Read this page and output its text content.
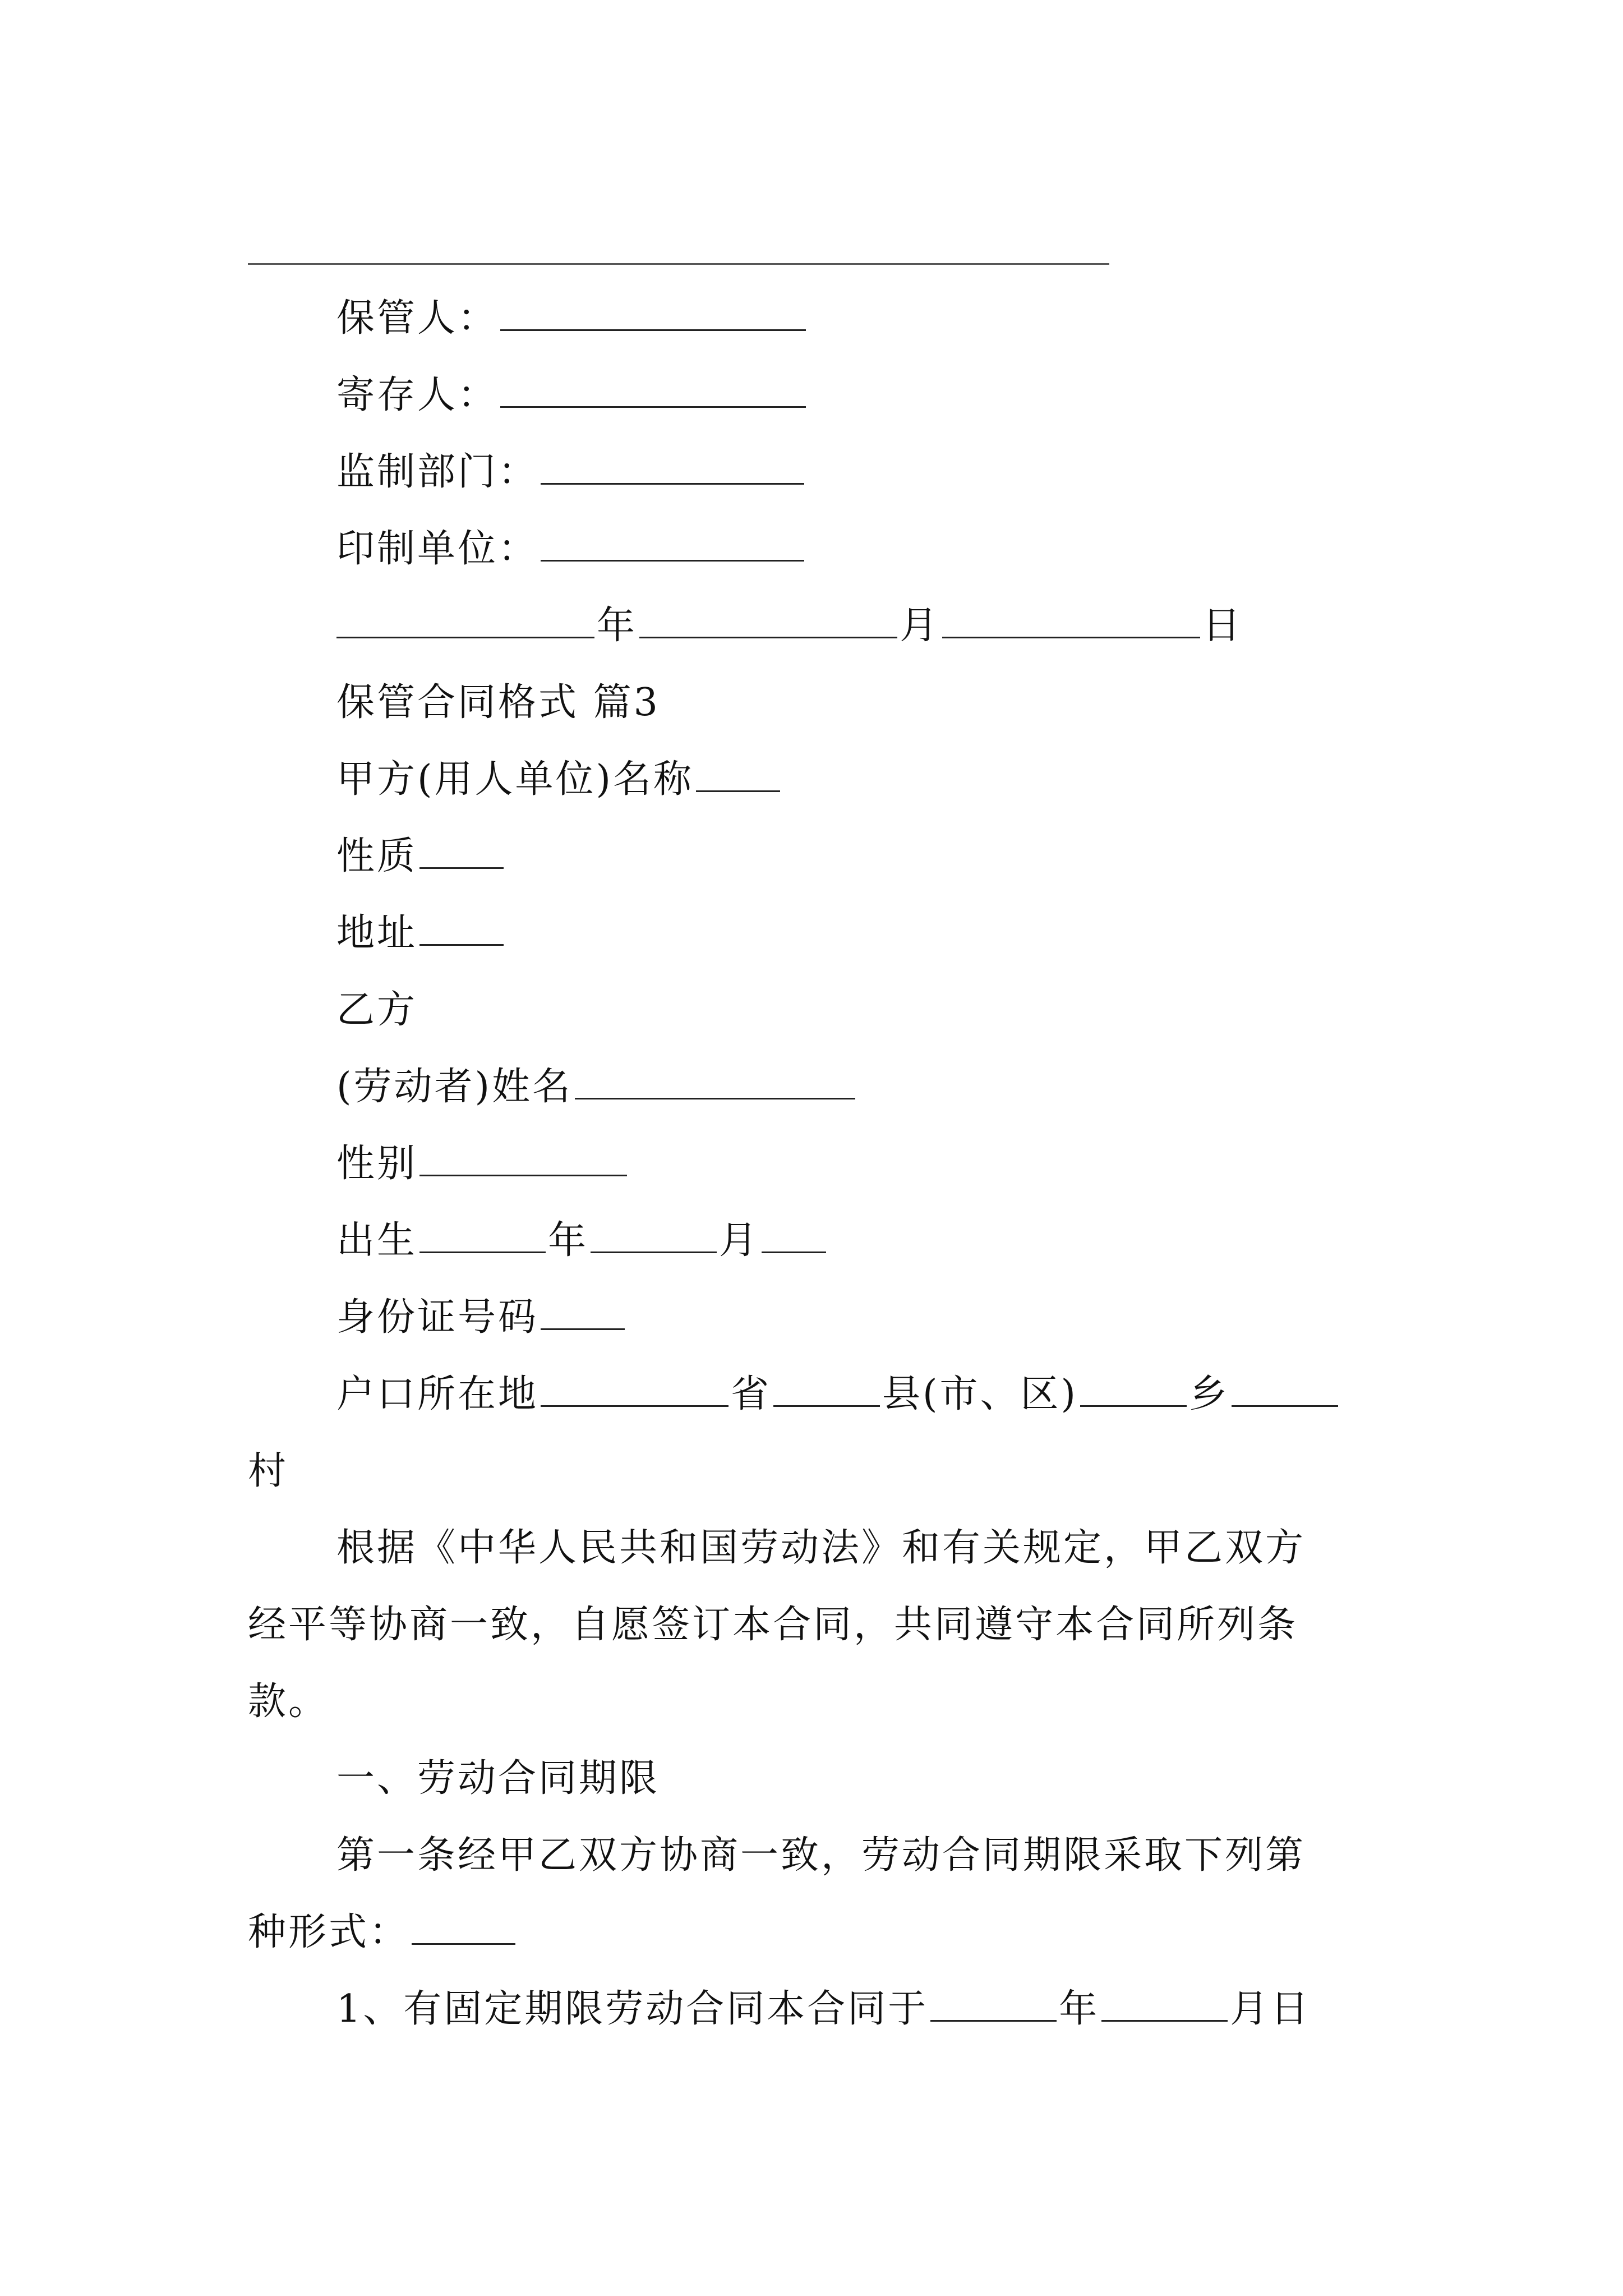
保管人：
寄存人：
监制部门：
印制单位：
年	月	日
保管合同格式 篇3
甲方(用人单位)名称
性质
地址
乙方
(劳动者)姓名
性别
出生	年	月
身份证号码
户口所在地	省	县(市、区)	乡
村
根据《中华人民共和国劳动法》和有关规定，甲乙双方
经平等协商一致，自愿签订本合同，共同遵守本合同所列条
款。
一、劳动合同期限
第一条经甲乙双方协商一致，劳动合同期限采取下列第
种形式：
1、有固定期限劳动合同本合同于	年	月日
